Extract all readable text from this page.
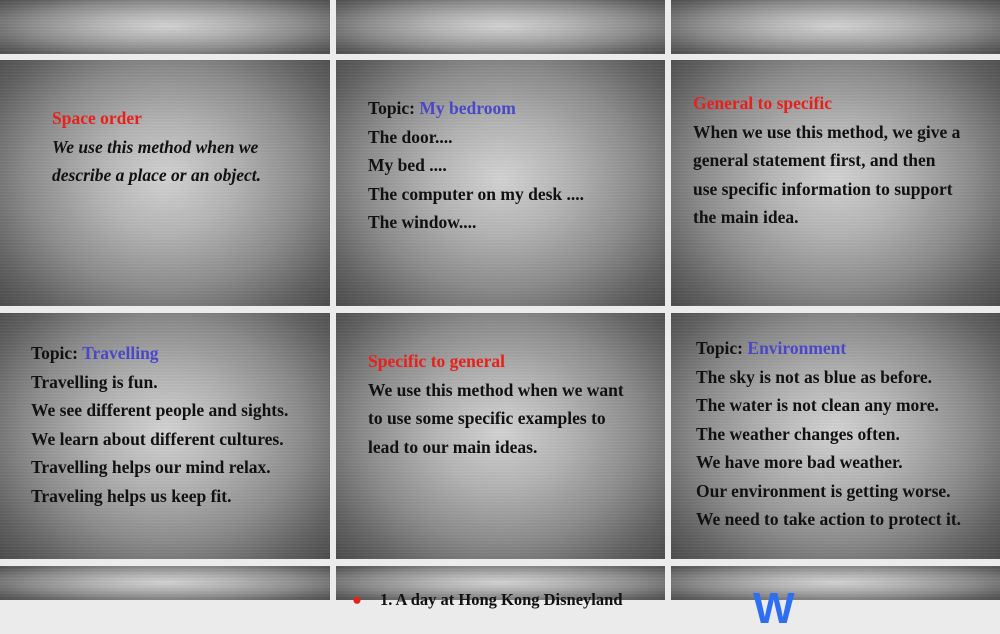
Space order
We use this method when we
describe a place or an object.
Topic: My bedroom
The door....
My bed ....
The computer on my desk ....
The window....
General to specific
When we use this method, we give a
general statement first, and then
use specific information to support
the main idea.
Topic: Travelling
Travelling is fun.
We see different people and sights.
We learn about different cultures.
Travelling helps our mind relax.
Traveling helps us keep fit.
Specific to general
We use this method when we want
to use some specific examples to
lead to our main ideas.
Topic: Environment
The sky is not as blue as before.
The water is not clean any more.
The weather changes often.
We have more bad weather.
Our environment is getting worse.
We need to take action to protect it.
● 1. A day at Hong Kong Disneyland	W
